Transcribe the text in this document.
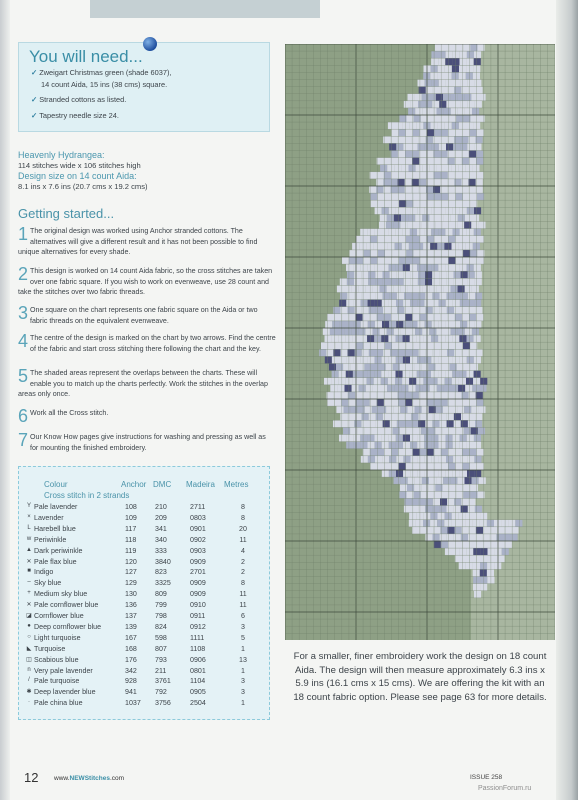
You will need...
✓ Zweigart Christmas green (shade 6037),
14 count Aida, 15 ins (38 cms) square.
✓ Stranded cottons as listed.
✓ Tapestry needle size 24.
Heavenly Hydrangea:
114 stitches wide x 106 stitches high
Design size on 14 count Aida:
8.1 ins x 7.6 ins (20.7 cms x 19.2 cms)
Getting started...
1 The original design was worked using Anchor stranded cottons. The alternatives will give a different result and it has not been possible to find unique alternatives for every shade.
2 This design is worked on 14 count Aida fabric, so the cross stitches are taken over one fabric square. If you wish to work on evenweave, use 28 count and take the stitches over two fabric threads.
3 One square on the chart represents one fabric square on the Aida or two fabric threads on the equivalent evenweave.
4 The centre of the design is marked on the chart by two arrows. Find the centre of the fabric and start cross stitching there following the chart and the key.
5 The shaded areas represent the overlaps between the charts. These will enable you to match up the charts perfectly. Work the stitches in the overlap areas only once.
6 Work all the Cross stitch.
7 Our Know How pages give instructions for washing and pressing as well as for mounting the finished embroidery.
Colour	Anchor DMC Madeira Metres
Cross stitch in 2 strands
Y Pale lavender	108	210	2711	8
× Lavender	109	209	0803	8
L Harebell blue	117	341	0901	20
w Periwinkle	118	340	0902	11
▲ Dark periwinkle	119	333	0903	4
✕ Pale flax blue	120	3840	0909	2
■ Indigo	127	823	2701	2
– Sky blue	129	3325	0909	8
+ Medium sky blue	130	809	0909	11
✕ Pale cornflower blue	136	799	0910	11
◪ Cornflower blue	137	798	0911	6
● Deep cornflower blue	139	824	0912	3
○ Light turquoise	167	598	1111	5
◣ Turquoise	168	807	1108	1
◫ Scabious blue	176	793	0906	13
n Very pale lavender	342	211	0801	1
/ Pale turquoise	928	3761	1104	3
✱ Deep lavender blue	941	792	0905	3
· Pale china blue	1037 3756	2504	1
For a smaller, finer embroidery work the design on 18 count Aida. The design will then measure approximately 6.3 ins x 5.9 ins (16.1 cms x 15 cms). We are offering the kit with an 18 count fabric option. Please see page 63 for more details.
12 www.NEWStitches.com	ISSUE 258
PassionForum.ru
